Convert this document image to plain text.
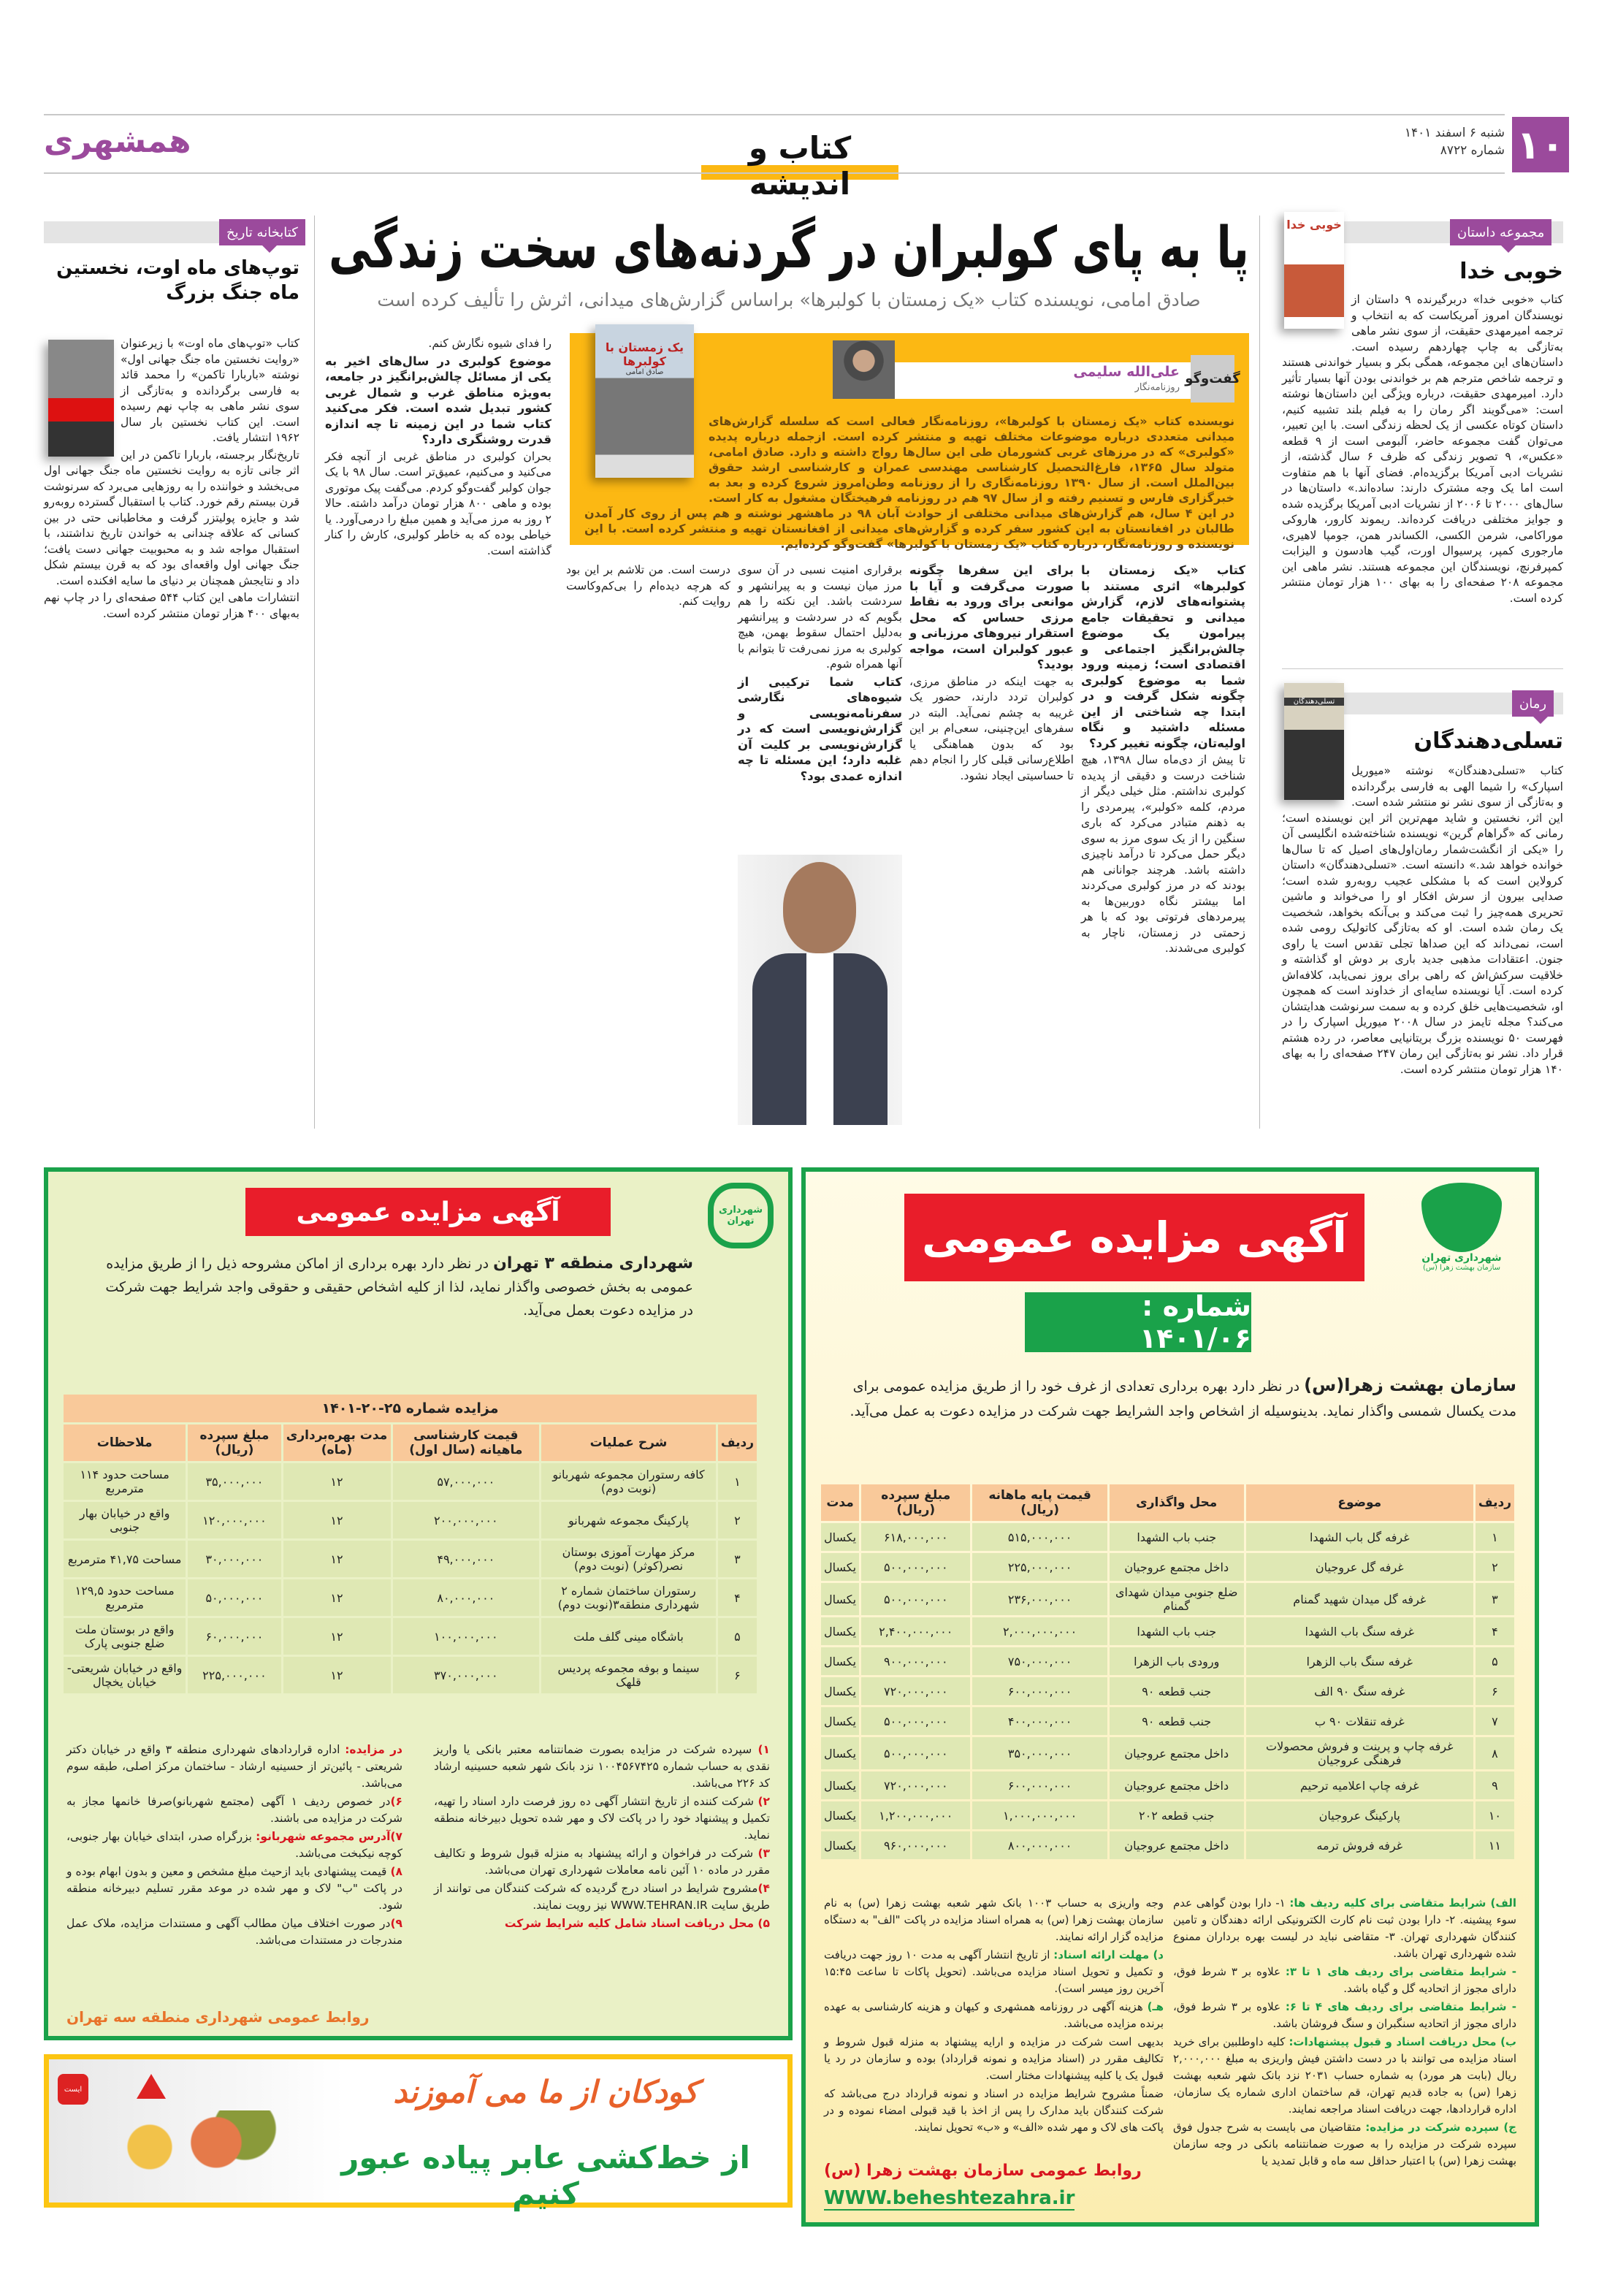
۱۰
شنبه ۶ اسفند ۱۴۰۱
شماره ۸۷۲۲
همشهری	کتاب و اندیشه
مجموعه داستان
خوبی خدا
خوبی خدا
کتاب «خوبی خدا» دربرگیرنده ۹ داستان از نویسندگان امروز آمریکاست که به انتخاب و ترجمه امیرمهدی حقیقت، از سوی نشر ماهی به‌تازگی به چاپ چهاردهم رسیده است. داستان‌های این مجموعه، همگی بکر و بسیار خواندنی هستند و ترجمه شاخص مترجم هم بر خواندنی بودن آنها بسیار تأثیر دارد. امیرمهدی حقیقت، درباره ویژگی این داستان‌ها نوشته است: «می‌گویند اگر رمان را به فیلم بلند تشبیه کنیم، داستان کوتاه عکسی از یک لحظه زندگی است. با این تعبیر، می‌توان گفت مجموعه حاضر، آلبومی است از ۹ قطعه «عکس»، ۹ تصویر زندگی که ظرف ۶ سال گذشته، از نشریات ادبی آمریکا برگزیده‌ام. فضای آنها با هم متفاوت است اما یک وجه مشترک دارند: ساده‌اند.» داستان‌ها در سال‌های ۲۰۰۰ تا ۲۰۰۶ از نشریات ادبی آمریکا برگزیده شده و جوایز مختلفی دریافت کرده‌اند. ریموند کارور، هاروکی موراکامی، شرمن الکسی، الکساندر همن، جومپا لاهیری، مارجوری کمپر، پرسیوال اورت، گیب هادسون و الیزابت کمپرفرنچ، نویسندگان این مجموعه هستند. نشر ماهی این مجموعه ۲۰۸ صفحه‌ای را به بهای ۱۰۰ هزار تومان منتشر کرده است.
رمان
تسلی‌دهندگان
تسلی‌دهندگان
کتاب «تسلی‌دهندگان» نوشته «میوریل اسپارک» را شیما الهی به فارسی برگردانده و به‌تازگی از سوی نشر نو منتشر شده است. این اثر، نخستین و شاید مهم‌ترین اثر این نویسنده است؛ رمانی که «گراهام گرین» نویسنده شناخته‌شده انگلیسی آن را «یکی از انگشت‌شمار رمان‌اول‌های اصیل که تا سال‌ها خوانده خواهد شد.» دانسته است. «تسلی‌دهندگان» داستان کرولاین است که با مشکلی عجیب روبه‌رو شده است؛ صدایی بیرون از سرش افکار او را می‌خواند و ماشین تحریری همه‌چیز را ثبت می‌کند و بی‌آنکه بخواهد، شخصیت یک رمان شده است. او که به‌تازگی کاتولیک رومی شده است، نمی‌داند که این صداها تجلی تقدس است یا راوی جنون. اعتقادات مذهبی جدید باری بر دوش او گذاشته و خلاقیت سرکش‌اش که راهی برای بروز نمی‌یابد، کلافه‌اش کرده است. آیا نویسنده سایه‌ای از خداوند است که همچون او، شخصیت‌هایی خلق کرده و به سمت سرنوشت هدایتشان می‌کند؟ مجله تایمز در سال ۲۰۰۸ میوریل اسپارک را در فهرست ۵۰ نویسنده بزرگ بریتانیایی معاصر، در رده هشتم قرار داد. نشر نو به‌تازگی این رمان ۲۴۷ صفحه‌ای را به بهای ۱۴۰ هزار تومان منتشر کرده است.
کتابخانه تاریخ
توپ‌های ماه اوت، نخستین ماه جنگ بزرگ

کتاب «توپ‌های ماه اوت» با زیرعنوان «روایت نخستین ماه جنگ جهانی اول» نوشته «باربارا تاکمن» را محمد قائد به فارسی برگردانده و به‌تازگی از سوی نشر ماهی به چاپ نهم رسیده است. این کتاب نخستین بار سال ۱۹۶۲ انتشار یافت.

تاریخ‌نگار برجسته، باربارا تاکمن در این اثر جانی تازه به روایت نخستین ماه جنگ جهانی اول می‌بخشد و خواننده را به روزهایی می‌برد که سرنوشت قرن بیستم رقم خورد. کتاب با استقبال گسترده روبه‌رو شد و جایزه پولیتزر گرفت و مخاطبانی حتی در بین کسانی که علاقه چندانی به خواندن تاریخ نداشتند، با استقبال مواجه شد و به محبوبیت جهانی دست یافت؛ جنگ جهانی اول واقعه‌ای بود که به قرن بیستم شکل داد و نتایجش همچنان بر دنیای ما سایه افکنده است.

انتشارات ماهی این کتاب ۵۴۴ صفحه‌ای را در چاپ نهم به‌بهای ۴۰۰ هزار تومان منتشر کرده است.

پا به پای کولبران در گردنه‌های سخت زندگی
صادق امامی، نویسنده کتاب «یک زمستان با کولبرها» براساس گزارش‌های میدانی، اثرش را تألیف کرده است
گفت‌وگو
علی‌الله سلیمی
روزنامه‌نگار
یک زمستان با کولبرها
صادق امامی
نویسنده کتاب «یک زمستان با کولبرها»، روزنامه‌نگار فعالی است که سلسله گزارش‌های میدانی متعددی درباره موضوعات مختلف تهیه و منتشر کرده است. ازجمله درباره پدیده «کولبری» که در مرزهای غربی کشورمان طی این سال‌ها رواج داشته و دارد. صادق امامی، متولد سال ۱۳۶۵، فارغ‌التحصیل کارشناسی مهندسی عمران و کارشناسی ارشد حقوق بین‌الملل است. از سال ۱۳۹۰ روزنامه‌نگاری را از روزنامه وطن‌امروز شروع کرده و بعد به خبرگزاری فارس و تسنیم رفته و از سال ۹۷ هم در روزنامه فرهیختگان مشغول به کار است. در این ۴ سال، هم گزارش‌های میدانی مختلفی از حوادث آبان ۹۸ در ماهشهر نوشته و هم پس از روی کار آمدن طالبان در افغانستان به این کشور سفر کرده و گزارش‌های میدانی از افغانستان تهیه و منتشر کرده است. با این نویسنده و روزنامه‌نگار، درباره کتاب «یک زمستان با کولبرها» گفت‌وگو کرده‌ایم.

را فدای شیوه نگارش کنم.

موضوع کولبری در سال‌های اخیر به یکی از مسائل چالش‌برانگیز در جامعه، به‌ویژه مناطق غرب و شمال غربی کشور تبدیل شده است. فکر می‌کنید کتاب شما در این زمینه تا چه اندازه قدرت روشنگری دارد؟

بحران کولبری در مناطق غربی از آنچه فکر می‌کنید و می‌کنیم، عمیق‌تر است. سال ۹۸ با یک جوان کولبر گفت‌وگو کردم. می‌گفت پیک موتوری بوده و ماهی ۸۰۰ هزار تومان درآمد داشته. حالا ۲ روز به مرز می‌آید و همین مبلغ را درمی‌آورد. یا خیاطی بوده که به خاطر کولبری، کارش را کنار گذاشته است.

کتاب «یک زمستان با کولبرها» اثری مستند با پشتوانه‌های لازم، گزارش میدانی و تحقیقات جامع پیرامون یک موضوع چالش‌برانگیز اجتماعی و اقتصادی است؛ زمینه ورود شما به موضوع کولبری چگونه شکل گرفت و در ابتدا چه شناختی از این مسئله داشتید و نگاه اولیه‌تان، چگونه تغییر کرد؟

تا پیش از دی‌ماه سال ۱۳۹۸، هیچ شناخت درست و دقیقی از پدیده کولبری نداشتم. مثل خیلی دیگر از مردم، کلمه «کولبر»، پیرمردی را به ذهنم متبادر می‌کرد که باری سنگین را از یک سوی مرز به سوی دیگر حمل می‌کرد تا درآمد ناچیزی داشته باشد. هرچند جوانانی هم بودند که در مرز کولبری می‌کردند اما بیشتر نگاه دوربین‌ها به پیرمردهای فرتوتی بود که با هر زحمتی در زمستان، ناچار به کولبری می‌شدند.

برای این سفرها چگونه صورت می‌گرفت و آیا با موانعی برای ورود به نقاط مرزی حساس که محل استقرار نیروهای مرزبانی و عبور کولبران است، مواجه بودید؟

به جهت اینکه در مناطق مرزی، کولبران تردد دارند، حضور یک غریبه به چشم نمی‌آید. البته در سفرهای این‌چنینی، سعی‌ام بر این بود که بدون هماهنگی یا اطلاع‌رسانی قبلی کار را انجام دهم تا حساسیتی ایجاد نشود.

برقراری امنیت نسبی در آن سوی مرز میان نیست و به پیرانشهر و سردشت باشد. این نکته را هم بگویم که در سردشت و پیرانشهر به‌دلیل احتمال سقوط بهمن، هیچ کولبری به مرز نمی‌رفت تا بتوانم با آنها همراه شوم.

کتاب شما ترکیبی از شیوه‌های نگارشی سفرنامه‌نویسی و گزارش‌نویسی است که در گزارش‌نویسی بر کلیت آن غلبه دارد؛ این مسئله تا چه اندازه عمدی بود؟

درست است. من تلاشم بر این بود که هرچه دیده‌ام را بی‌کم‌وکاست روایت کنم.

شهرداری تهران
آگهی مزایده عمومی
شهرداری منطقه ۳ تهران در نظر دارد بهره برداری از اماکن مشروحه ذیل را از طریق مزایده عمومی به بخش خصوصی واگذار نماید، لذا از کلیه اشخاص حقیقی و حقوقی واجد شرایط جهت شرکت در مزایده دعوت بعمل می‌آید.
مزایده شماره ۲۵-۲۰-۱۴۰۱
ردیف	شرح عملیات	قیمت کارشناسی ماهیانه (سال اول)	مدت بهره‌برداری (ماه)	مبلغ سپرده (ریال)	ملاحظات
۱	کافه رستوران مجموعه شهربانو (نوبت دوم)	۵۷,۰۰۰,۰۰۰	۱۲	۳۵,۰۰۰,۰۰۰	مساحت حدود ۱۱۴ مترمربع
۲	پارکینگ مجموعه شهربانو	۲۰۰,۰۰۰,۰۰۰	۱۲	۱۲۰,۰۰۰,۰۰۰	واقع در خیابان بهار جنوبی
۳	مرکز مهارت آموزی بوستان نصر(کوثر) (نوبت دوم)	۴۹,۰۰۰,۰۰۰	۱۲	۳۰,۰۰۰,۰۰۰	مساحت ۴۱,۷۵ مترمربع
۴	رستوران ساختمان شماره ۲ شهرداری منطقه۳(نوبت دوم)	۸۰,۰۰۰,۰۰۰	۱۲	۵۰,۰۰۰,۰۰۰	مساحت حدود ۱۲۹,۵ مترمربع
۵	باشگاه مینی گلف ملت	۱۰۰,۰۰۰,۰۰۰	۱۲	۶۰,۰۰۰,۰۰۰	واقع در بوستان ملت ضلع جنوبی پارک
۶	سینما و بوفه مجموعه پردیس قلهک	۳۷۰,۰۰۰,۰۰۰	۱۲	۲۲۵,۰۰۰,۰۰۰	واقع در خیابان شریعتی- خیابان یخچال

۱) سپرده شرکت در مزایده بصورت ضمانتنامه معتبر بانکی یا واریز نقدی به حساب شماره ۱۰۰۴۵۶۷۴۲۵ نزد بانک شهر شعبه حسینیه ارشاد کد ۲۲۶ می‌باشد.

۲) شرکت کننده از تاریخ انتشار آگهی ده روز فرصت دارد اسناد را تهیه، تکمیل و پیشنهاد خود را در پاکت لاک و مهر شده تحویل دبیرخانه منطقه نماید.

۳) شرکت در فراخوان و ارائه پیشنهاد به منزله قبول شروط و تکالیف مقرر در ماده ۱۰ آئین نامه معاملات شهرداری تهران می‌باشد.

۴)مشروح شرایط در اسناد درج گردیده که شرکت کنندگان می توانند از طریق سایت WWW.TEHRAN.IR نیز رویت نمایند.

۵) محل دریافت اسناد شامل کلیه شرایط شرکت

در مزایده: اداره قراردادهای شهرداری منطقه ۳ واقع در خیابان دکتر شریعتی - پائین‌تر از حسینیه ارشاد - ساختمان مرکز اصلی، طبقه سوم می‌باشد.

۶)در خصوص ردیف ۱ آگهی (مجتمع شهربانو)صرفا خانمها مجاز به شرکت در مزایده می باشند.

۷)آدرس مجموعه شهربانو: بزرگراه صدر، ابتدای خیابان بهار جنوبی، کوچه نیکبخت می‌باشد.

۸) قیمت پیشنهادی باید ازحیث مبلغ مشخص و معین و بدون ابهام بوده و در پاکت "ب" لاک و مهر شده در موعد مقرر تسلیم دبیرخانه منطقه شود.

۹)در صورت اختلاف میان مطالب آگهی و مستندات مزایده، ملاک عمل مندرجات در مستندات می‌باشد.

روابط عمومی شهرداری منطقه سه تهران
ایست	کودکان از ما می آموزند
از خط‌کشی عابر پیاده عبور کنیم
شهرداری تهران
سازمان بهشت زهرا (س)
آگهی مزایده عمومی
شماره : ۱۴۰۱/۰۶
سازمان بهشت زهرا(س) در نظر دارد بهره برداری تعدادی از غرف خود را از طریق مزایده عمومی برای مدت یکسال شمسی واگذار نماید. بدینوسیله از اشخاص واجد الشرایط جهت شرکت در مزایده دعوت به عمل می‌آید.
ردیف	موضوع	محل واگذاری	قیمت پایه ماهانه (ریال)	مبلغ سپرده (ریال)	مدت
۱	غرفه گل باب الشهدا	جنب باب الشهدا	۵۱۵,۰۰۰,۰۰۰	۶۱۸,۰۰۰,۰۰۰	یکسال
۲	غرفه گل عروجیان	داخل مجتمع عروجیان	۲۲۵,۰۰۰,۰۰۰	۵۰۰,۰۰۰,۰۰۰	یکسال
۳	غرفه گل میدان شهید گمنام	ضلع جنوبی میدان شهدای گمنام	۲۳۶,۰۰۰,۰۰۰	۵۰۰,۰۰۰,۰۰۰	یکسال
۴	غرفه سنگ باب الشهدا	جنب باب الشهدا	۲,۰۰۰,۰۰۰,۰۰۰	۲,۴۰۰,۰۰۰,۰۰۰	یکسال
۵	غرفه سنگ باب الزهرا	ورودی باب الزهرا	۷۵۰,۰۰۰,۰۰۰	۹۰۰,۰۰۰,۰۰۰	یکسال
۶	غرفه سنگ ۹۰ الف	جنب قطعه ۹۰	۶۰۰,۰۰۰,۰۰۰	۷۲۰,۰۰۰,۰۰۰	یکسال
۷	غرفه تنقلات ۹۰ ب	جنب قطعه ۹۰	۴۰۰,۰۰۰,۰۰۰	۵۰۰,۰۰۰,۰۰۰	یکسال
۸	غرفه چاپ و پرینت و فروش محصولات فرهنگی عروجیان	داخل مجتمع عروجیان	۳۵۰,۰۰۰,۰۰۰	۵۰۰,۰۰۰,۰۰۰	یکسال
۹	غرفه چاپ اعلامیه ترحیم	داخل مجتمع عروجیان	۶۰۰,۰۰۰,۰۰۰	۷۲۰,۰۰۰,۰۰۰	یکسال
۱۰	پارکینگ عروجیان	جنب قطعه ۲۰۲	۱,۰۰۰,۰۰۰,۰۰۰	۱,۲۰۰,۰۰۰,۰۰۰	یکسال
۱۱	غرفه فروش ترمه	داخل مجتمع عروجیان	۸۰۰,۰۰۰,۰۰۰	۹۶۰,۰۰۰,۰۰۰	یکسال

الف) شرایط متقاضی برای کلیه ردیف ها: ۱- دارا بودن گواهی عدم سوء پیشینه. ۲- دارا بودن ثبت نام کارت الکترونیکی ارائه دهندگان و تامین کنندگان شهرداری تهران. ۳- متقاضی نباید در لیست بهره برداران ممنوع شده شهرداری تهران باشد.

- شرایط متقاضی برای ردیف های ۱ تا ۳: علاوه بر ۳ شرط فوق، دارای مجوز از اتحادیه گل و گیاه باشد.

- شرایط متقاضی برای ردیف های ۴ تا ۶: علاوه بر ۳ شرط فوق، دارای مجوز از اتحادیه سنگبران و سنگ فروشان باشد.

ب) محل دریافت اسناد و قبول پیشنهادات: کلیه داوطلبین برای خرید اسناد مزایده می توانند با در دست داشتن فیش واریزی به مبلغ ۲,۰۰۰,۰۰۰ ریال (بابت هر مورد) به شماره حساب ۲۰۳۱ نزد بانک شهر شعبه بهشت زهرا (س) به جاده قدیم تهران، قم ساختمان اداری شماره یک سازمان، اداره قراردادها، جهت دریافت اسناد مراجعه نمایند.

ج) سپرده شرکت در مزایده: متقاضیان می بایست به شرح جدول فوق سپرده شرکت در مزایده را به صورت ضمانتنامه بانکی در وجه سازمان بهشت زهرا (س) با اعتبار حداقل سه ماه و قابل تمدید یا

وجه واریزی به حساب ۱۰۰۳ بانک شهر شعبه بهشت زهرا (س) به نام سازمان بهشت زهرا (س) به همراه اسناد مزایده در پاکت "الف" به دستگاه مزایده گزار ارائه نمایند.

د) مهلت ارائه اسناد: از تاریخ انتشار آگهی به مدت ۱۰ روز جهت دریافت و تکمیل و تحویل اسناد مزایده می‌باشد. (تحویل پاکات تا ساعت ۱۵:۴۵ آخرین روز میسر است).

هـ) هزینه آگهی در روزنامه همشهری و کیهان و هزینه کارشناسی به عهده برنده مزایده می‌باشد.

بدیهی است شرکت در مزایده و ارایه پیشنهاد به منزله قبول شروط و تکالیف مقرر در (اسناد مزایده و نمونه قرارداد) بوده و سازمان در رد یا قبول یک یا کلیه پیشنهادات مختار است.

ضمناً مشروح شرایط مزایده در اسناد و نمونه قرارداد درج می‌باشد که شرکت کنندگان باید مدارک را پس از اخذ با قید قبولی امضاء نموده و در پاکت های لاک و مهر شده «الف» و «ب» تحویل نمایند.

روابط عمومی سازمان بهشت زهرا (س)
WWW.beheshtezahra.ir
